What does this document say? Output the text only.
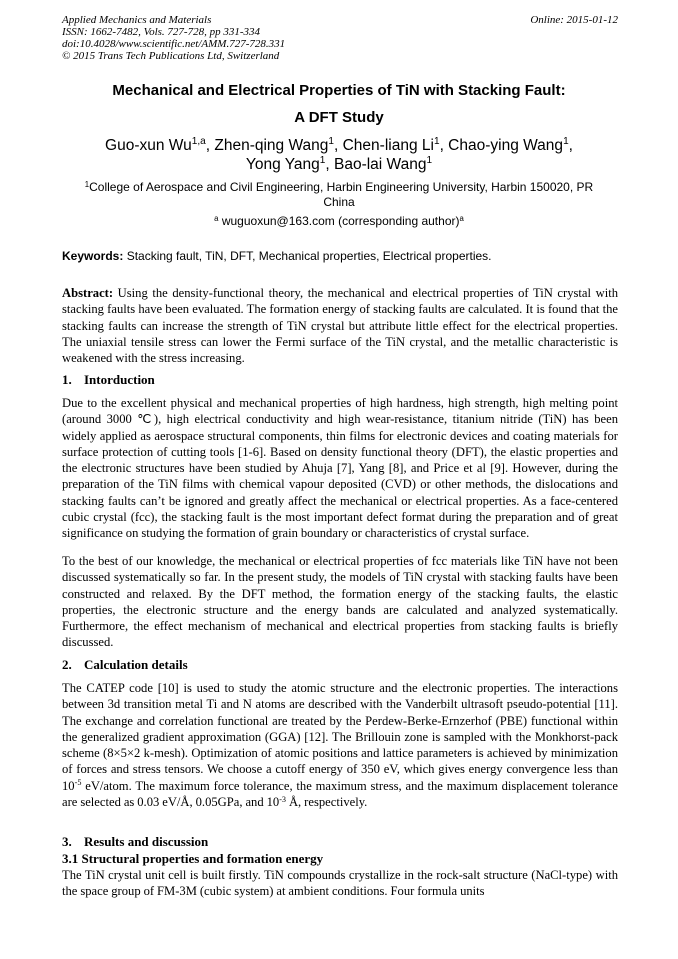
Applied Mechanics and Materials
ISSN: 1662-7482, Vols. 727-728, pp 331-334
doi:10.4028/www.scientific.net/AMM.727-728.331
© 2015 Trans Tech Publications Ltd, Switzerland
Online: 2015-01-12
Mechanical and Electrical Properties of TiN with Stacking Fault:
A DFT Study
Guo-xun Wu$^{1,a}$, Zhen-qing Wang$^1$, Chen-liang Li$^1$, Chao-ying Wang$^1$,
Yong Yang$^1$, Bao-lai Wang$^1$
$^1$College of Aerospace and Civil Engineering, Harbin Engineering University, Harbin 150020, PR
China
$^a$ wuguoxun@163.com (corresponding author)$^a$
Keywords: Stacking fault, TiN, DFT, Mechanical properties, Electrical properties.
Abstract: Using the density-functional theory, the mechanical and electrical properties of TiN crystal with stacking faults have been evaluated. The formation energy of stacking faults are calculated. It is found that the stacking faults can increase the strength of TiN crystal but attribute little effect for the electrical properties. The uniaxial tensile stress can lower the Fermi surface of the TiN crystal, and the metallic characteristic is weakened with the stress increasing.
1. Intorduction
Due to the excellent physical and mechanical properties of high hardness, high strength, high melting point (around 3000 ℃), high electrical conductivity and high wear-resistance, titanium nitride (TiN) has been widely applied as aerospace structural components, thin films for electronic devices and coating materials for surface protection of cutting tools [1-6]. Based on density functional theory (DFT), the elastic properties and the electronic structures have been studied by Ahuja [7], Yang [8], and Price et al [9]. However, during the preparation of the TiN films with chemical vapour deposited (CVD) or other methods, the dislocations and stacking faults can’t be ignored and greatly affect the mechanical or electrical properties. As a face-centered cubic crystal (fcc), the stacking fault is the most important defect format during the preparation and of great significance on studying the formation of grain boundary or characteristics of crystal surface.
To the best of our knowledge, the mechanical or electrical properties of fcc materials like TiN have not been discussed systematically so far. In the present study, the models of TiN crystal with stacking faults have been constructed and relaxed. By the DFT method, the formation energy of the stacking faults, the elastic properties, the electronic structure and the energy bands are calculated and analyzed systematically. Furthermore, the effect mechanism of mechanical and electrical properties from stacking faults is briefly discussed.
2. Calculation details
The CATEP code [10] is used to study the atomic structure and the electronic properties. The interactions between 3d transition metal Ti and N atoms are described with the Vanderbilt ultrasoft pseudo-potential [11]. The exchange and correlation functional are treated by the Perdew-Berke-Ernzerhof (PBE) functional within the generalized gradient approximation (GGA) [12]. The Brillouin zone is sampled with the Monkhorst-pack scheme (8×5×2 k-mesh). Optimization of atomic positions and lattice parameters is achieved by minimization of forces and stress tensors. We choose a cutoff energy of 350 eV, which gives energy convergence less than $10^{-5}$ eV/atom. The maximum force tolerance, the maximum stress, and the maximum displacement tolerance are selected as 0.03 eV/Å, 0.05GPa, and $10^{-3}$ Å, respectively.
3. Results and discussion
3.1 Structural properties and formation energy
The TiN crystal unit cell is built firstly. TiN compounds crystallize in the rock-salt structure (NaCl-type) with the space group of FM-3M (cubic system) at ambient conditions. Four formula units
